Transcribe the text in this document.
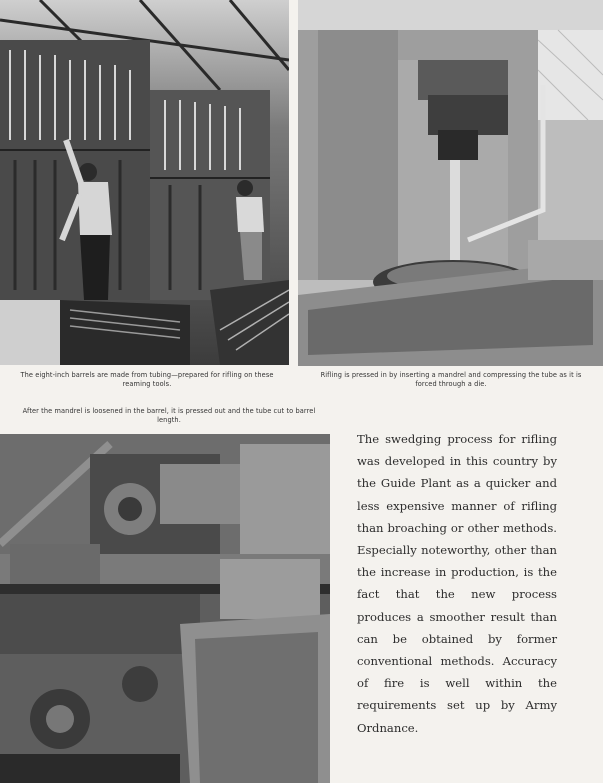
The eight-inch barrels are made from tubing—prepared for rifling on these reaming tools.
Rifling is pressed in by inserting a mandrel and compressing the tube as it is forced through a die.
After the mandrel is loosened in the barrel, it is pressed out and the tube cut to barrel length.
The swedging process for rifling was developed in this country by the Guide Plant as a quicker and less expensive manner of rifling than broaching or other methods. Especially noteworthy, other than the increase in production, is the fact that the new process produces a smoother result than can be obtained by former conventional methods. Accuracy of fire is well within the requirements set up by Army Ordnance.
